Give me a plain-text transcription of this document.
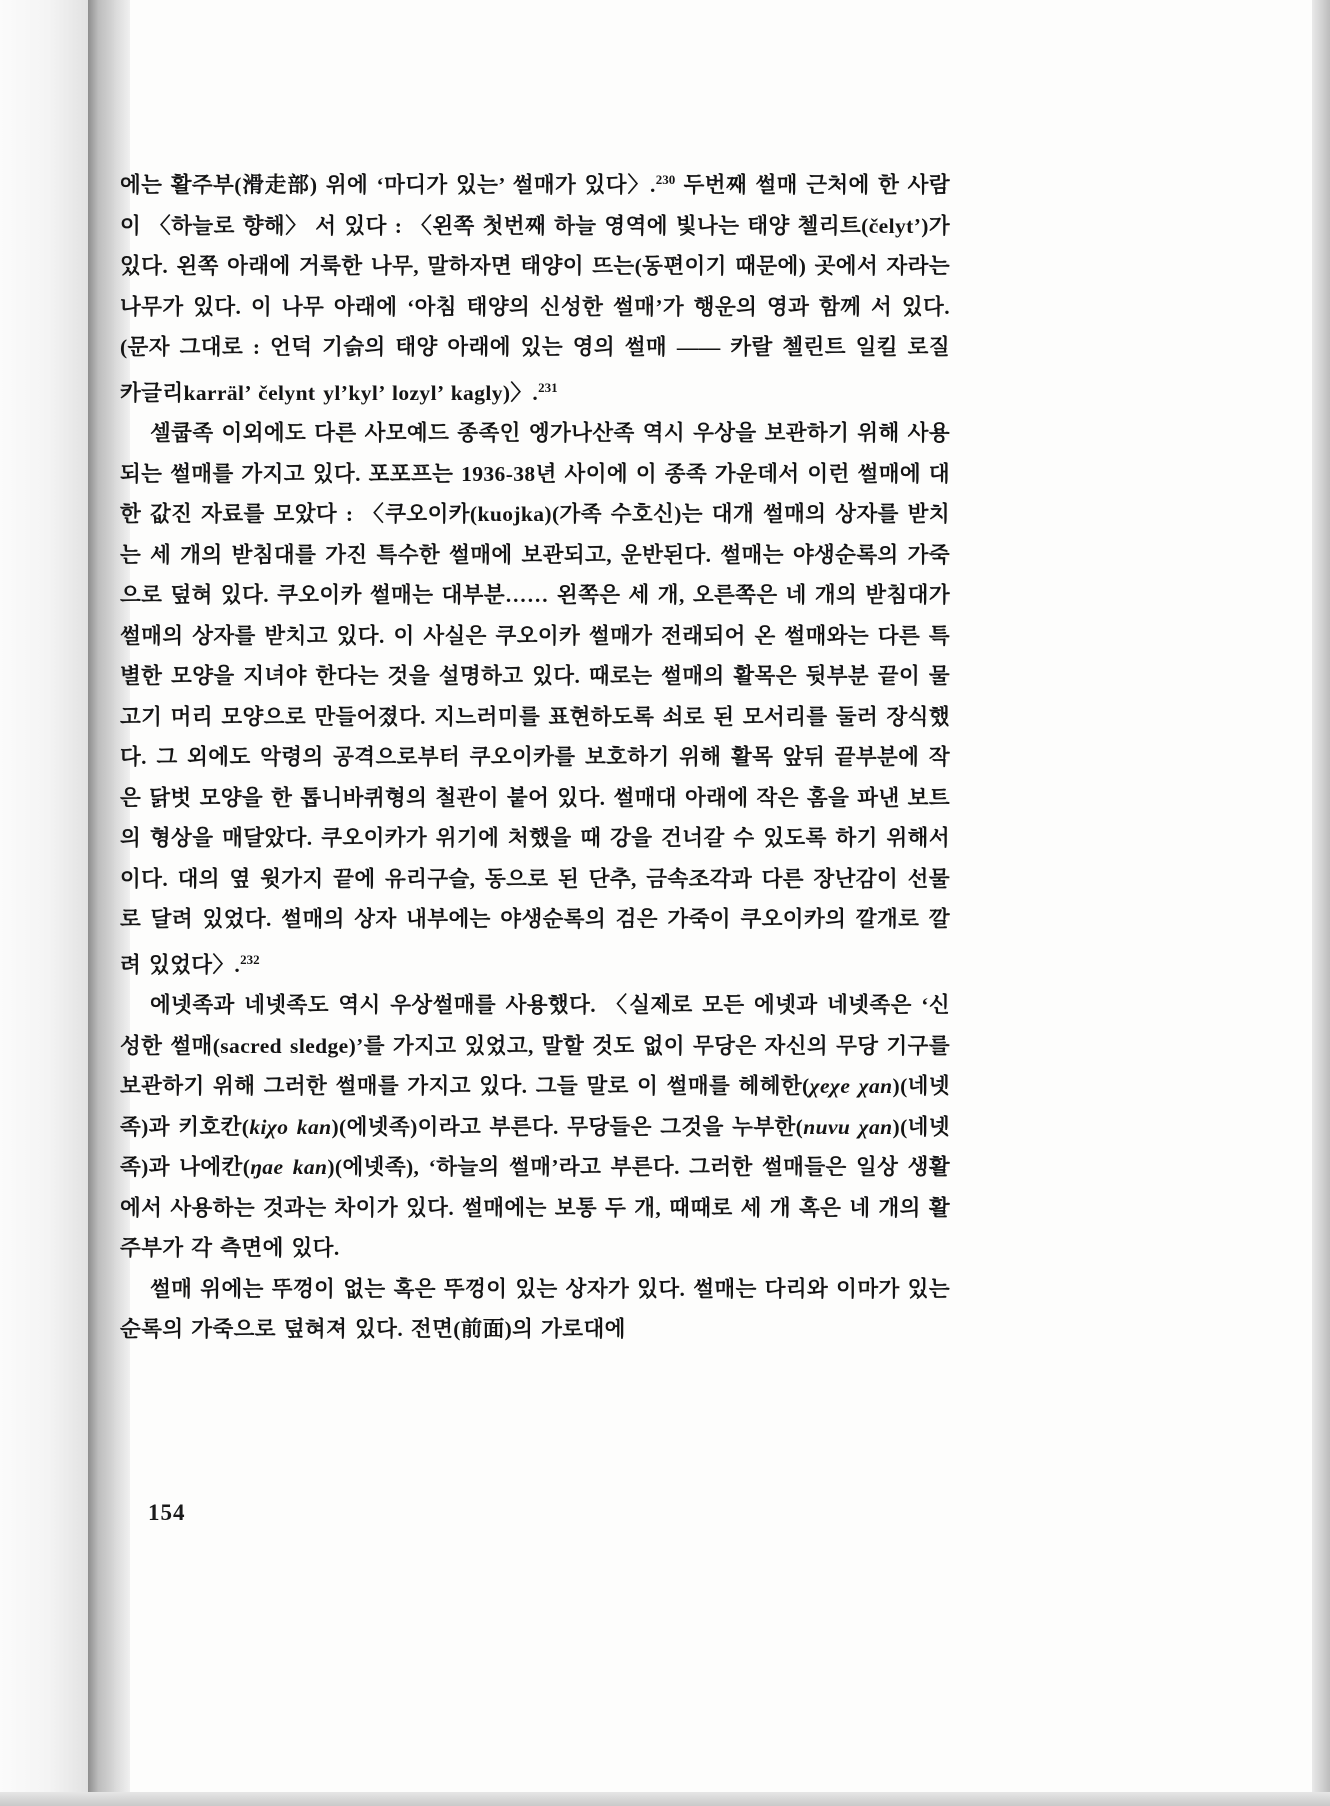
에는 활주부(滑走部) 위에 ‘마디가 있는’ 썰매가 있다〉.$^{230}$ 두번째 썰매 근처에 한 사람이 〈하늘로 향해〉 서 있다 : 〈왼쪽 첫번째 하늘 영역에 빛나는 태양 첼리트(čelytʼ)가 있다. 왼쪽 아래에 거룩한 나무, 말하자면 태양이 뜨는(동편이기 때문에) 곳에서 자라는 나무가 있다. 이 나무 아래에 ‘아침 태양의 신성한 썰매’가 행운의 영과 함께 서 있다.(문자 그대로 : 언덕 기슭의 태양 아래에 있는 영의 썰매 —— 카랄 첼린트 일킬 로질 카글리karräl’ čelynt yl’kyl’ lozyl’ kagly)〉.$^{231}$

셀쿱족 이외에도 다른 사모예드 종족인 엥가나산족 역시 우상을 보관하기 위해 사용되는 썰매를 가지고 있다. 포포프는 1936-38년 사이에 이 종족 가운데서 이런 썰매에 대한 값진 자료를 모았다 : 〈쿠오이카(kuojka)(가족 수호신)는 대개 썰매의 상자를 받치는 세 개의 받침대를 가진 특수한 썰매에 보관되고, 운반된다. 썰매는 야생순록의 가죽으로 덮혀 있다. 쿠오이카 썰매는 대부분…… 왼쪽은 세 개, 오른쪽은 네 개의 받침대가 썰매의 상자를 받치고 있다. 이 사실은 쿠오이카 썰매가 전래되어 온 썰매와는 다른 특별한 모양을 지녀야 한다는 것을 설명하고 있다. 때로는 썰매의 활목은 뒷부분 끝이 물고기 머리 모양으로 만들어졌다. 지느러미를 표현하도록 쇠로 된 모서리를 둘러 장식했다. 그 외에도 악령의 공격으로부터 쿠오이카를 보호하기 위해 활목 앞뒤 끝부분에 작은 닭벗 모양을 한 톱니바퀴형의 철관이 붙어 있다. 썰매대 아래에 작은 홈을 파낸 보트의 형상을 매달았다. 쿠오이카가 위기에 처했을 때 강을 건너갈 수 있도록 하기 위해서이다. 대의 옆 윗가지 끝에 유리구슬, 동으로 된 단추, 금속조각과 다른 장난감이 선물로 달려 있었다. 썰매의 상자 내부에는 야생순록의 검은 가죽이 쿠오이카의 깔개로 깔려 있었다〉.$^{232}$

에넷족과 네넷족도 역시 우상썰매를 사용했다. 〈실제로 모든 에넷과 네넷족은 ‘신성한 썰매(sacred sledge)’를 가지고 있었고, 말할 것도 없이 무당은 자신의 무당 기구를 보관하기 위해 그러한 썰매를 가지고 있다. 그들 말로 이 썰매를 헤헤한(χeχe χan)(네넷족)과 키호칸(kiχo kan)(에넷족)이라고 부른다. 무당들은 그것을 누부한(nuvu χan)(네넷족)과 나에칸(ŋae kan)(에넷족), ‘하늘의 썰매’라고 부른다. 그러한 썰매들은 일상 생활에서 사용하는 것과는 차이가 있다. 썰매에는 보통 두 개, 때때로 세 개 혹은 네 개의 활주부가 각 측면에 있다.

썰매 위에는 뚜껑이 없는 혹은 뚜껑이 있는 상자가 있다. 썰매는 다리와 이마가 있는 순록의 가죽으로 덮혀져 있다. 전면(前面)의 가로대에

154
